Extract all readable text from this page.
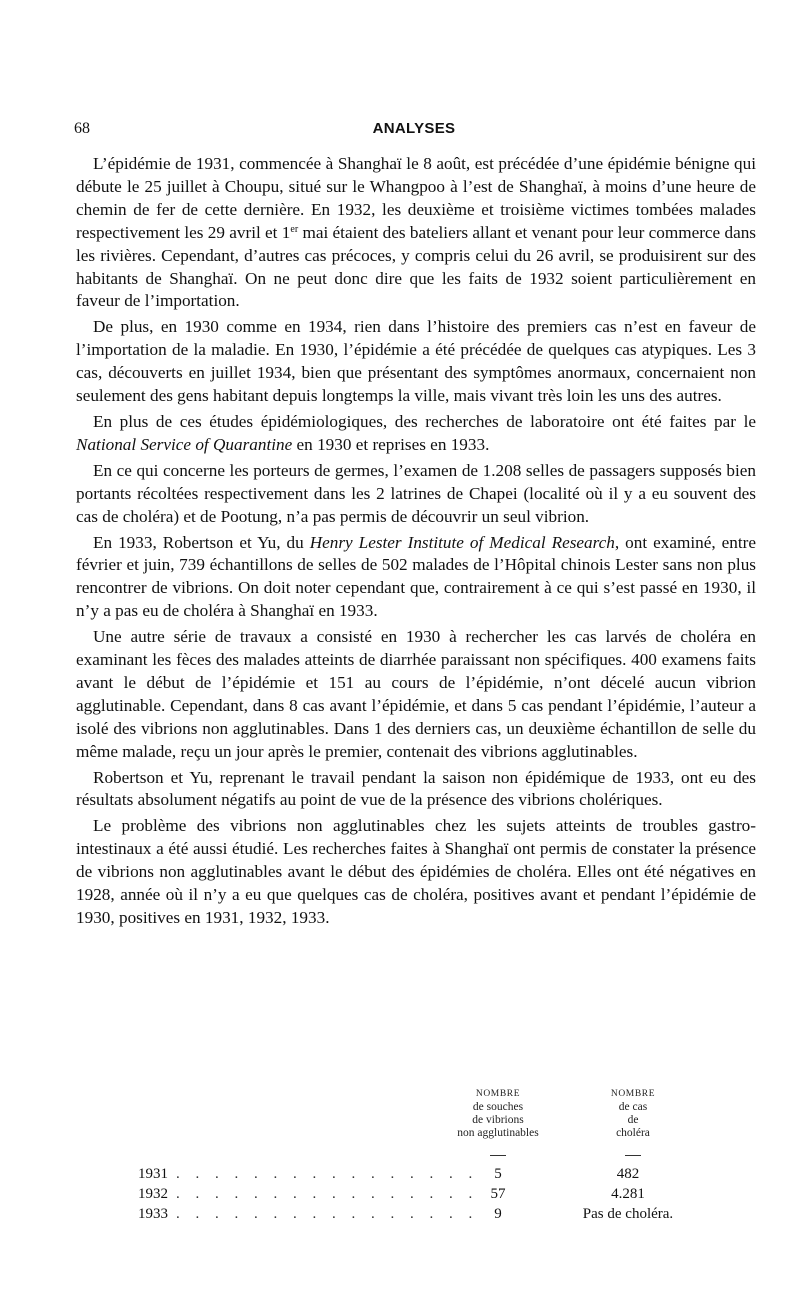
68	ANALYSES

L’épidémie de 1931, commencée à Shanghaï le 8 août, est précédée d’une épidémie bénigne qui débute le 25 juillet à Choupu, situé sur le Whangpoo à l’est de Shanghaï, à moins d’une heure de chemin de fer de cette dernière. En 1932, les deuxième et troisième victimes tombées malades respectivement les 29 avril et 1er mai étaient des bateliers allant et venant pour leur commerce dans les rivières. Cependant, d’autres cas précoces, y compris celui du 26 avril, se produisirent sur des habitants de Shanghaï. On ne peut donc dire que les faits de 1932 soient particulièrement en faveur de l’importation.

De plus, en 1930 comme en 1934, rien dans l’histoire des premiers cas n’est en faveur de l’importation de la maladie. En 1930, l’épidémie a été précédée de quelques cas atypiques. Les 3 cas, découverts en juillet 1934, bien que présentant des symptômes anormaux, concernaient non seulement des gens habitant depuis longtemps la ville, mais vivant très loin les uns des autres.

En plus de ces études épidémiologiques, des recherches de laboratoire ont été faites par le National Service of Quarantine en 1930 et reprises en 1933.

En ce qui concerne les porteurs de germes, l’examen de 1.208 selles de passagers supposés bien portants récoltées respectivement dans les 2 latrines de Chapei (localité où il y a eu souvent des cas de choléra) et de Pootung, n’a pas permis de découvrir un seul vibrion.

En 1933, Robertson et Yu, du Henry Lester Institute of Medical Research, ont examiné, entre février et juin, 739 échantillons de selles de 502 malades de l’Hôpital chinois Lester sans non plus rencontrer de vibrions. On doit noter cependant que, contrairement à ce qui s’est passé en 1930, il n’y a pas eu de choléra à Shanghaï en 1933.

Une autre série de travaux a consisté en 1930 à rechercher les cas larvés de choléra en examinant les fèces des malades atteints de diarrhée paraissant non spécifiques. 400 examens faits avant le début de l’épidémie et 151 au cours de l’épidémie, n’ont décelé aucun vibrion agglutinable. Cependant, dans 8 cas avant l’épidémie, et dans 5 cas pendant l’épidémie, l’auteur a isolé des vibrions non agglutinables. Dans 1 des derniers cas, un deuxième échantillon de selle du même malade, reçu un jour après le premier, contenait des vibrions agglutinables.

Robertson et Yu, reprenant le travail pendant la saison non épidémique de 1933, ont eu des résultats absolument négatifs au point de vue de la présence des vibrions cholériques.

Le problème des vibrions non agglutinables chez les sujets atteints de troubles gastro-intestinaux a été aussi étudié. Les recherches faites à Shanghaï ont permis de constater la présence de vibrions non agglutinables avant le début des épidémies de choléra. Elles ont été négatives en 1928, année où il n’y a eu que quelques cas de choléra, positives avant et pendant l’épidémie de 1930, positives en 1931, 1932, 1933.

NOMBRE
de souches
de vibrions
non agglutinables
NOMBRE
de cas
de
choléra
1931 . . . . . . . . . . . . . . . .	5	482
1932 . . . . . . . . . . . . . . . . 57	4.281
1933 . . . . . . . . . . . . . . . .	9	Pas de choléra.
